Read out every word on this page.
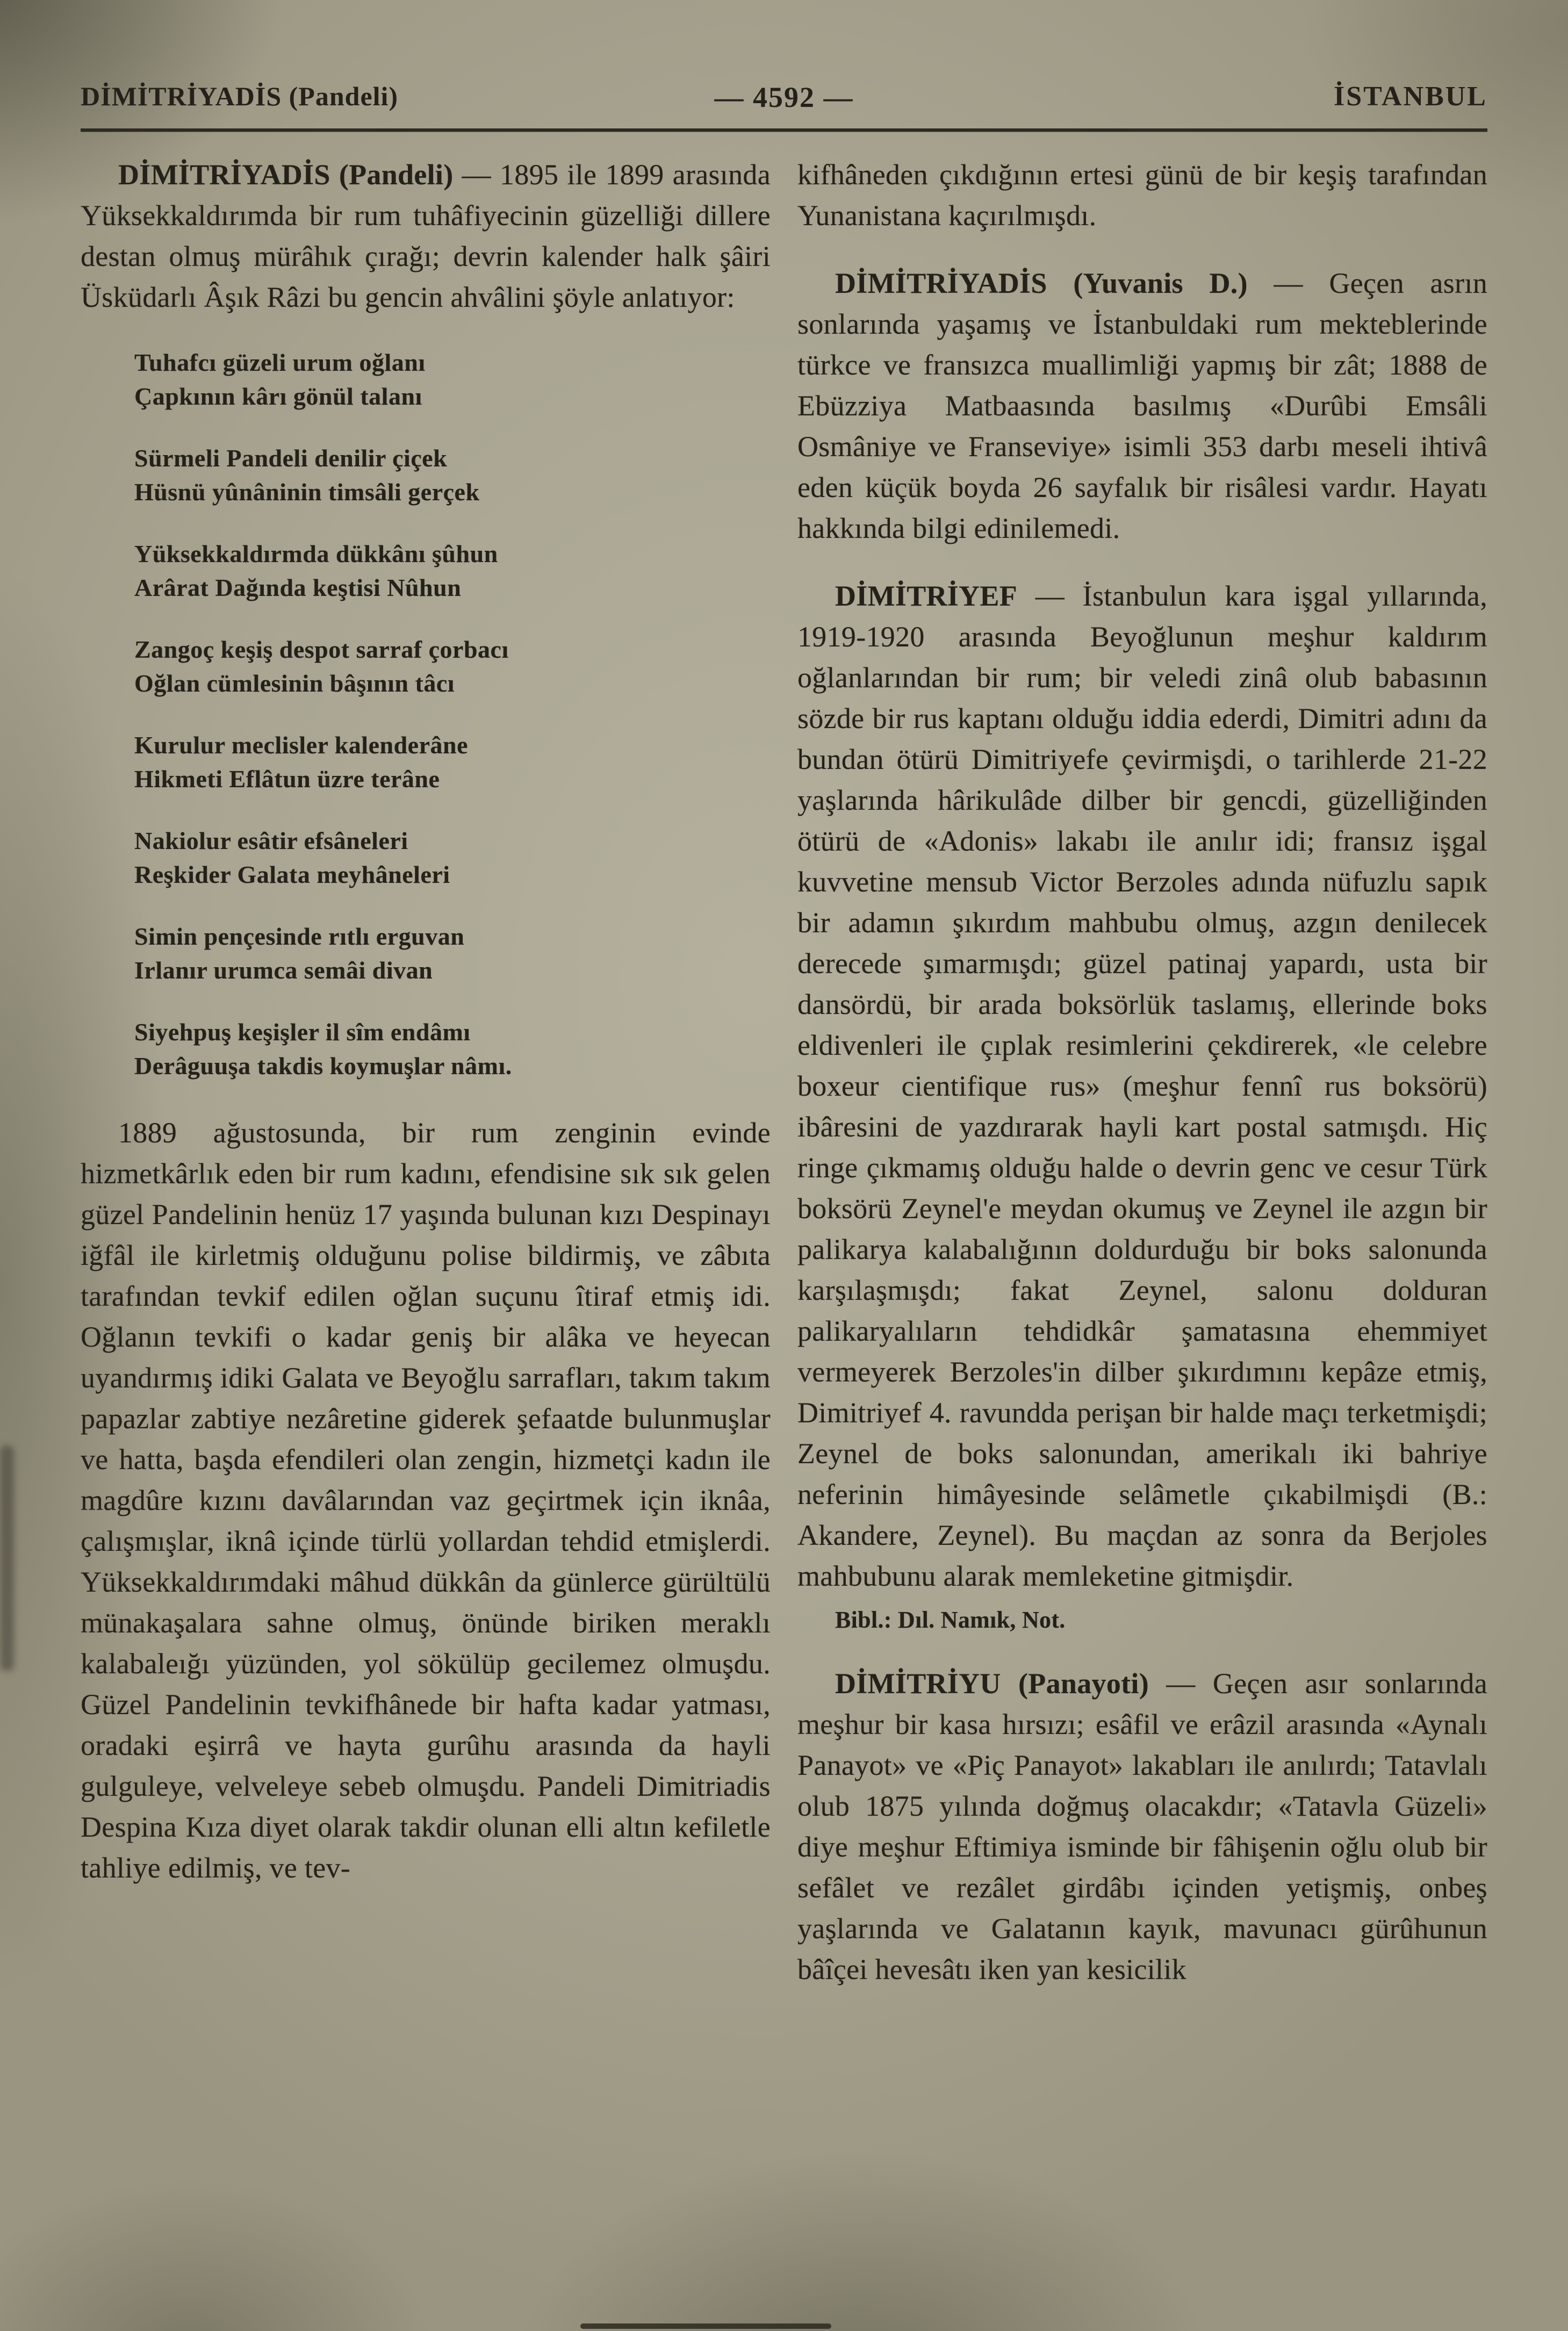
DİMİTRİYADİS (Pandeli)	— 4592 —	İSTANBUL

DİMİTRİYADİS (Pandeli) — 1895 ile 1899 arasında Yüksekkaldırımda bir rum tuhâfiyecinin güzelliği dillere destan olmuş mürâhık çırağı; devrin kalender halk şâiri Üsküdarlı Âşık Râzi bu gencin ahvâlini şöyle anlatıyor:

Tuhafcı güzeli urum oğlanı
Çapkının kârı gönül talanı
Sürmeli Pandeli denilir çiçek
Hüsnü yûnâninin timsâli gerçek
Yüksekkaldırmda dükkânı şûhun
Arârat Dağında keştisi Nûhun
Zangoç keşiş despot sarraf çorbacı
Oğlan cümlesinin bâşının tâcı
Kurulur meclisler kalenderâne
Hikmeti Eflâtun üzre terâne
Nakiolur esâtir efsâneleri
Reşkider Galata meyhâneleri
Simin pençesinde rıtlı erguvan
Irlanır urumca semâi divan
Siyehpuş keşişler il sîm endâmı
Derâguuşa takdis koymuşlar nâmı.

1889 ağustosunda, bir rum zenginin evinde hizmetkârlık eden bir rum kadını, efendisine sık sık gelen güzel Pandelinin henüz 17 yaşında bulunan kızı Despinayı iğfâl ile kirletmiş olduğunu polise bildirmiş, ve zâbıta tarafından tevkif edilen oğlan suçunu îtiraf etmiş idi. Oğlanın tevkifi o kadar geniş bir alâka ve heyecan uyandırmış idiki Galata ve Beyoğlu sarrafları, takım takım papazlar zabtiye nezâretine giderek şefaatde bulunmuşlar ve hatta, başda efendileri olan zengin, hizmetçi kadın ile magdûre kızını davâlarından vaz geçirtmek için iknâa, çalışmışlar, iknâ içinde türlü yollardan tehdid etmişlerdi. Yüksekkaldırımdaki mâhud dükkân da günlerce gürültülü münakaşalara sahne olmuş, önünde biriken meraklı kalabaleığı yüzünden, yol sökülüp gecilemez olmuşdu. Güzel Pandelinin tevkifhânede bir hafta kadar yatması, oradaki eşirrâ ve hayta gurûhu arasında da hayli gulguleye, velveleye sebeb olmuşdu. Pandeli Dimitriadis Despina Kıza diyet olarak takdir olunan elli altın kefiletle tahliye edilmiş, ve tev-

kifhâneden çıkdığının ertesi günü de bir keşiş tarafından Yunanistana kaçırılmışdı.

DİMİTRİYADİS (Yuvanis D.) — Geçen asrın sonlarında yaşamış ve İstanbuldaki rum mekteblerinde türkce ve fransızca muallimliği yapmış bir zât; 1888 de Ebüzziya Matbaasında basılmış «Durûbi Emsâli Osmâniye ve Franseviye» isimli 353 darbı meseli ihtivâ eden küçük boyda 26 sayfalık bir risâlesi vardır. Hayatı hakkında bilgi edinilemedi.

DİMİTRİYEF — İstanbulun kara işgal yıllarında, 1919-1920 arasında Beyoğlunun meşhur kaldırım oğlanlarından bir rum; bir veledi zinâ olub babasının sözde bir rus kaptanı olduğu iddia ederdi, Dimitri adını da bundan ötürü Dimitriyefe çevirmişdi, o tarihlerde 21-22 yaşlarında hârikulâde dilber bir gencdi, güzelliğinden ötürü de «Adonis» lakabı ile anılır idi; fransız işgal kuvvetine mensub Victor Berzoles adında nüfuzlu sapık bir adamın şıkırdım mahbubu olmuş, azgın denilecek derecede şımarmışdı; güzel patinaj yapardı, usta bir dansördü, bir arada boksörlük taslamış, ellerinde boks eldivenleri ile çıplak resimlerini çekdirerek, «le celebre boxeur cientifique rus» (meşhur fennî rus boksörü) ibâresini de yazdırarak hayli kart postal satmışdı. Hiç ringe çıkmamış olduğu halde o devrin genc ve cesur Türk boksörü Zeynel'e meydan okumuş ve Zeynel ile azgın bir palikarya kalabalığının doldurduğu bir boks salonunda karşılaşmışdı; fakat Zeynel, salonu dolduran palikaryalıların tehdidkâr şamatasına ehemmiyet vermeyerek Berzoles'in dilber şıkırdımını kepâze etmiş, Dimitriyef 4. ravundda perişan bir halde maçı terketmişdi; Zeynel de boks salonundan, amerikalı iki bahriye neferinin himâyesinde selâmetle çıkabilmişdi (B.: Akandere, Zeynel). Bu maçdan az sonra da Berjoles mahbubunu alarak memleketine gitmişdir.

Bibl.: Dıl. Namık, Not.

DİMİTRİYU (Panayoti) — Geçen asır sonlarında meşhur bir kasa hırsızı; esâfil ve erâzil arasında «Aynalı Panayot» ve «Piç Panayot» lakabları ile anılırdı; Tatavlalı olub 1875 yılında doğmuş olacakdır; «Tatavla Güzeli» diye meşhur Eftimiya isminde bir fâhişenin oğlu olub bir sefâlet ve rezâlet girdâbı içinden yetişmiş, onbeş yaşlarında ve Galatanın kayık, mavunacı gürûhunun bâîçei hevesâtı iken yan kesicilik
